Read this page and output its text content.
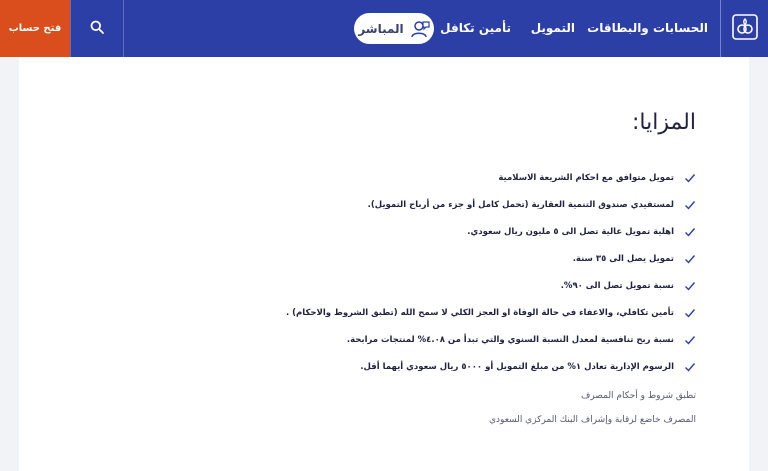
الحسابات والبطاقات
التمويل
تأمين تكافل
المباشر
فتح حساب
المزايا:
تمويل متوافق مع احكام الشريعة الاسلامية
لمستفيدي صندوق التنمية العقارية (تحمل كامل أو جزء من أرباح التمويل).
اهلية تمويل عالية تصل الى ٥ مليون ريال سعودي.
تمويل يصل الى ٣٥ سنة.
نسبة تمويل تصل الى ٩٠%.
تأمين تكافلي، والاعفاء في حالة الوفاة او العجز الكلي لا سمح الله (تطبق الشروط والاحكام) .
نسبة ربح تنافسية لمعدل النسبة السنوي والتي تبدأ من ٤.٠٨% لمنتجات مرابحة.
الرسوم الإدارية تعادل ١% من مبلغ التمويل أو ٥٠٠٠ ريال سعودي أيهما أقل.
تطبق شروط و أحكام المصرف
المصرف خاضع لرقابة وإشراف البنك المركزي السعودي
